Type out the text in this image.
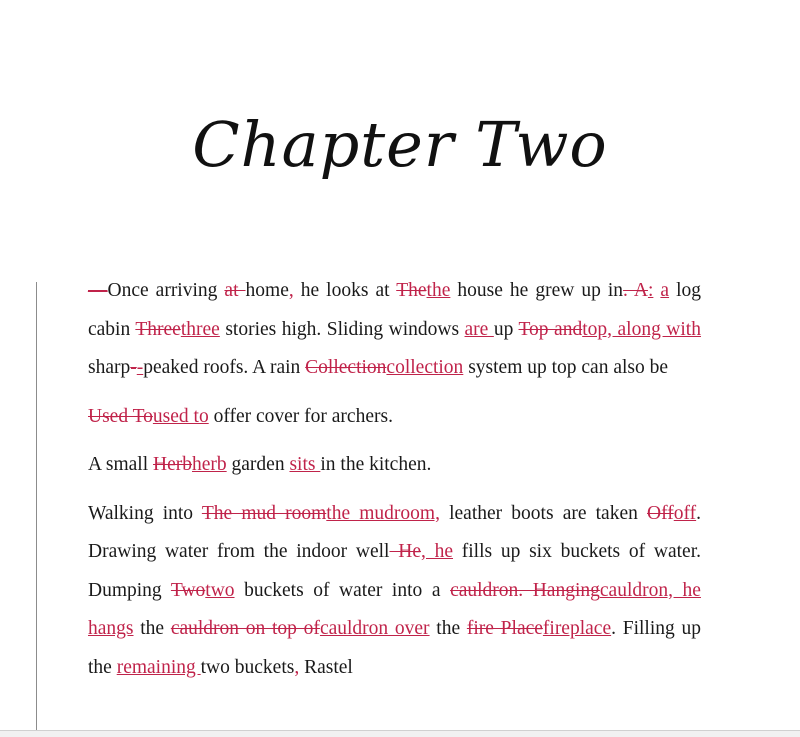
Chapter Two

—Once arriving at home, he looks at Thethe house he grew up in. A: a log cabin Threethree stories high. Sliding windows are up Top andtop, along with sharp--peaked roofs. A rain Collectioncollection system up top can also be

Used Toused to offer cover for archers.

A small Herbherb garden sits in the kitchen.

Walking into The mud roomthe mudroom, leather boots are taken Offoff. Drawing water from the indoor well He, he fills up six buckets of water. Dumping Twotwo buckets of water into a cauldron. Hangingcauldron, he hangs the cauldron on top ofcauldron over the fire Placefireplace. Filling up the remaining two buckets, Rastel
